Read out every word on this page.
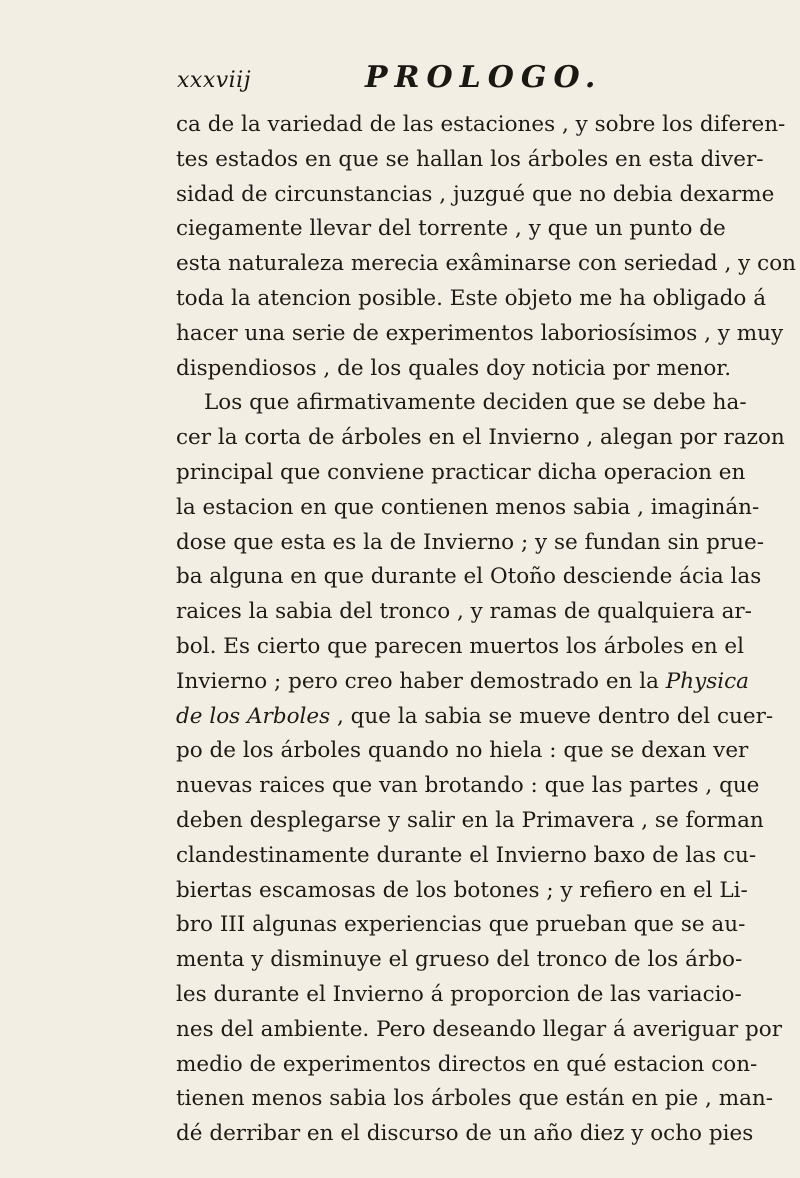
xxxviij	PROLOGO.
ca de la variedad de las estaciones , y sobre los diferen-
tes estados en que se hallan los árboles en esta diver-
sidad de circunstancias , juzgué que no debia dexarme
ciegamente llevar del torrente , y que un punto de
esta naturaleza merecia exâminarse con seriedad , y con
toda la atencion posible. Este objeto me ha obligado á
hacer una serie de experimentos laboriosísimos , y muy
dispendiosos , de los quales doy noticia por menor.
Los que afirmativamente deciden que se debe ha-
cer la corta de árboles en el Invierno , alegan por razon
principal que conviene practicar dicha operacion en
la estacion en que contienen menos sabia , imaginán-
dose que esta es la de Invierno ; y se fundan sin prue-
ba alguna en que durante el Otoño desciende ácia las
raices la sabia del tronco , y ramas de qualquiera ar-
bol. Es cierto que parecen muertos los árboles en el
Invierno ; pero creo haber demostrado en la Physica
de los Arboles , que la sabia se mueve dentro del cuer-
po de los árboles quando no hiela : que se dexan ver
nuevas raices que van brotando : que las partes , que
deben desplegarse y salir en la Primavera , se forman
clandestinamente durante el Invierno baxo de las cu-
biertas escamosas de los botones ; y refiero en el Li-
bro III algunas experiencias que prueban que se au-
menta y disminuye el grueso del tronco de los árbo-
les durante el Invierno á proporcion de las variacio-
nes del ambiente. Pero deseando llegar á averiguar por
medio de experimentos directos en qué estacion con-
tienen menos sabia los árboles que están en pie , man-
dé derribar en el discurso de un año diez y ocho pies
